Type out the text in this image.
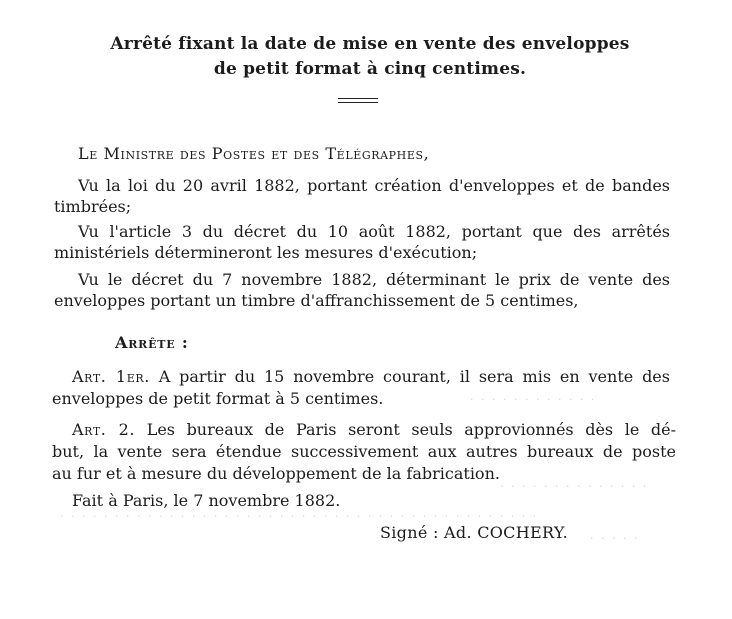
Arrêté fixant la date de mise en vente des enveloppes
de petit format à cinq centimes.
Le Ministre des Postes et des Télégraphes,
Vu la loi du 20 avril 1882, portant création d'enveloppes et de bandes
timbrées;
Vu l'article 3 du décret du 10 août 1882, portant que des arrêtés
ministériels détermineront les mesures d'exécution;
Vu le décret du 7 novembre 1882, déterminant le prix de vente des
enveloppes portant un timbre d'affranchissement de 5 centimes,
Arrête :
Art. 1er. A partir du 15 novembre courant, il sera mis en vente des
enveloppes de petit format à 5 centimes.
Art. 2. Les bureaux de Paris seront seuls approvionnés dès le dé-
but, la vente sera étendue successivement aux autres bureaux de poste
au fur et à mesure du développement de la fabrication.
Fait à Paris, le 7 novembre 1882.
Signé : Ad. COCHERY.
· · · · · · · · · · · ·
· · · · · · · · · · · · · ·
· · · · · · · · · · · · · · · · · · · · · · · · · · · · · · · · · · · · · · · · · · · ·
· · · · ·
